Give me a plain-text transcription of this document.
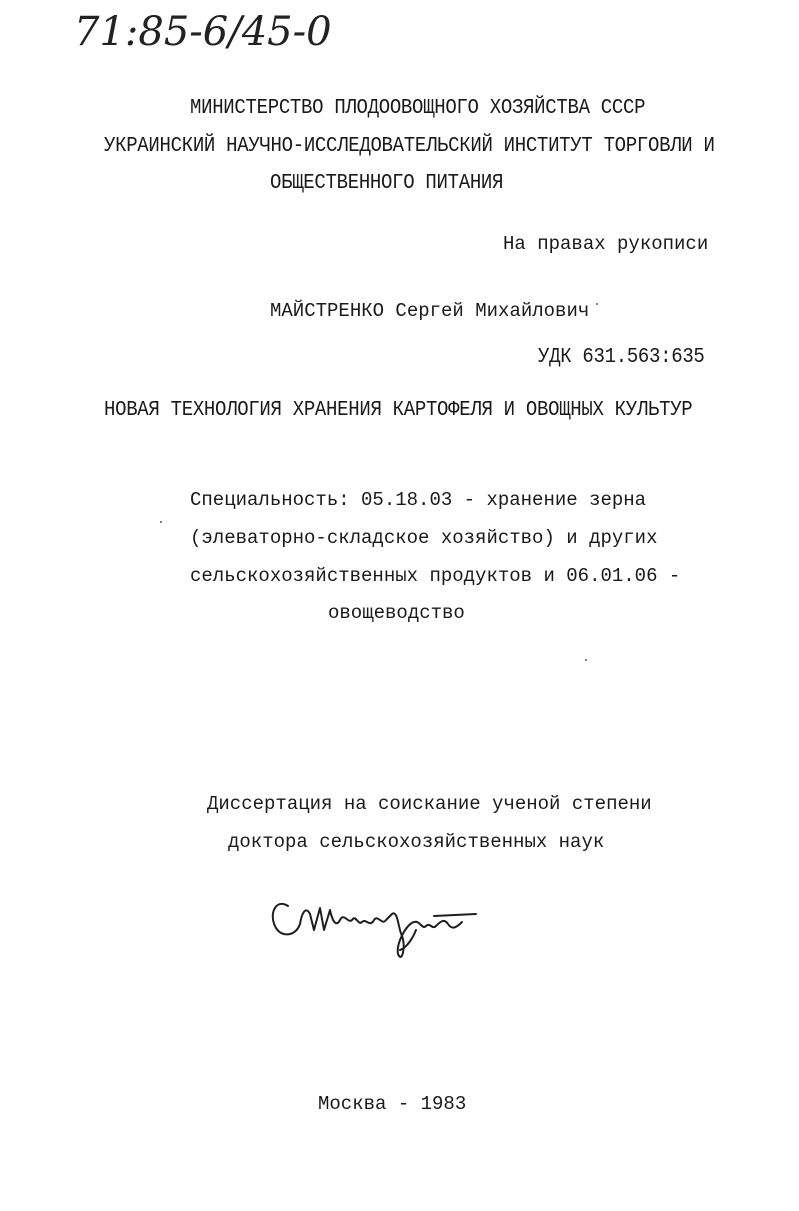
71:85-6/45-0
МИНИСТЕРСТВО ПЛОДООВОЩНОГО ХОЗЯЙСТВА СССР
УКРАИНСКИЙ НАУЧНО-ИССЛЕДОВАТЕЛЬСКИЙ ИНСТИТУТ ТОРГОВЛИ И
ОБЩЕСТВЕННОГО ПИТАНИЯ
На правах рукописи
МАЙСТРЕНКО Сергей Михайлович
УДК 631.563:635
НОВАЯ ТЕХНОЛОГИЯ ХРАНЕНИЯ КАРТОФЕЛЯ И ОВОЩНЫХ КУЛЬТУР
Специальность: 05.18.03 - хранение зерна
(элеваторно-складское хозяйство) и других
сельскохозяйственных продуктов и 06.01.06 -
овощеводство
Диссертация на соискание ученой степени
доктора сельскохозяйственных наук
Москва - 1983
